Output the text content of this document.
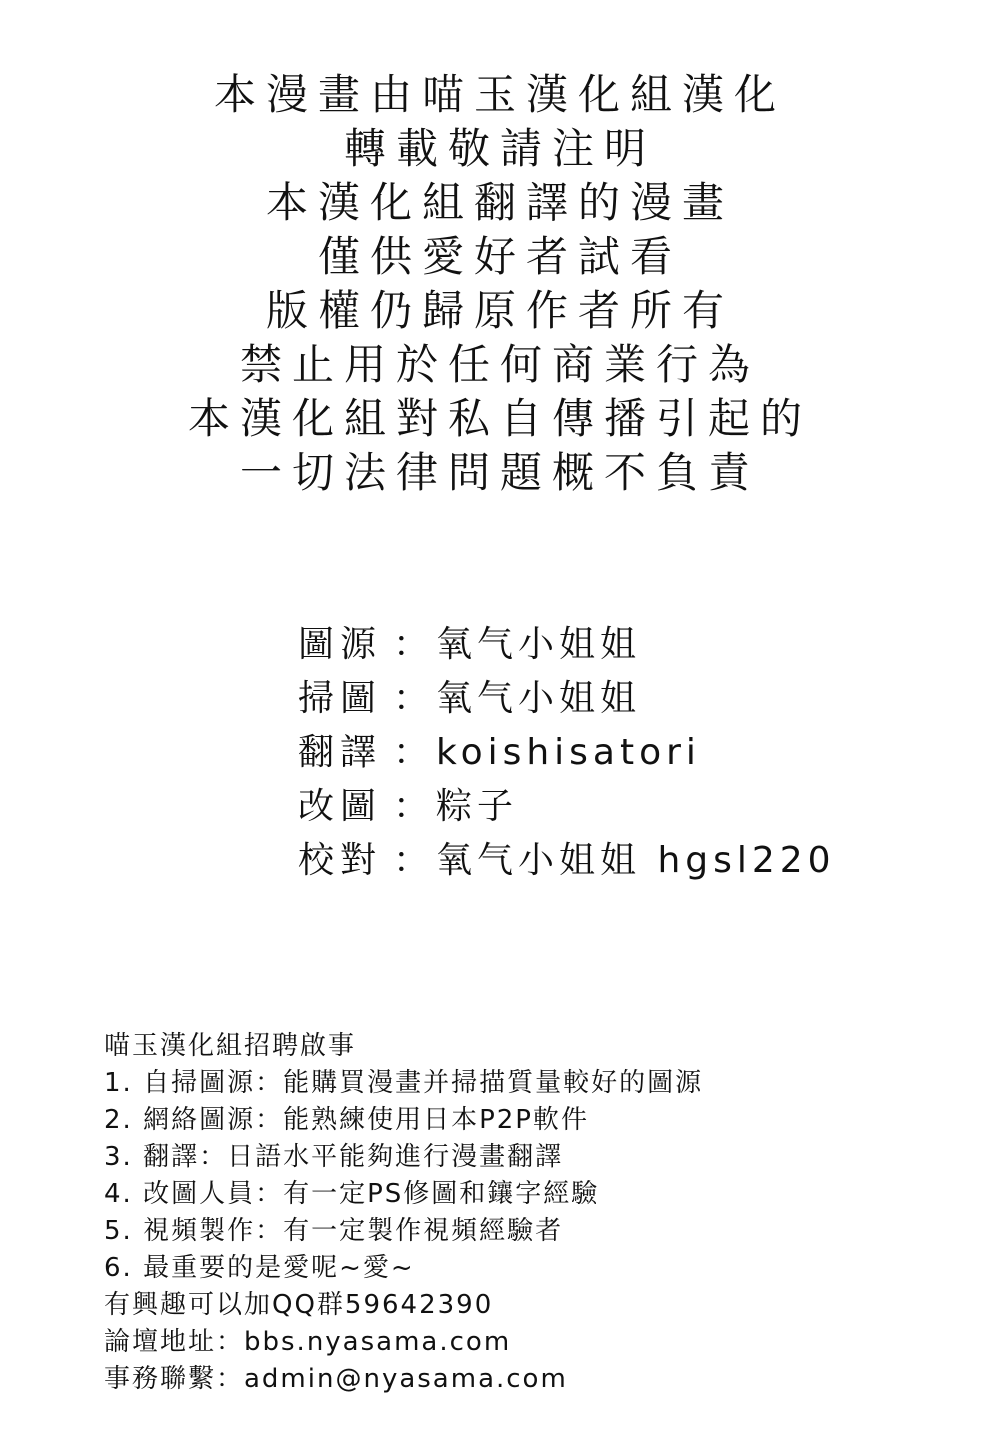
本漫畫由喵玉漢化組漢化
轉載敬請注明
本漢化組翻譯的漫畫
僅供愛好者試看
版權仍歸原作者所有
禁止用於任何商業行為
本漢化組對私自傳播引起的
一切法律問題概不負責
圖源 ：氧气小姐姐
掃圖 ：氧气小姐姐
翻譯 ：koishisatori
改圖 ：粽子
校對 ：氧气小姐姐 hgsl220
喵玉漢化組招聘啟事
1. 自掃圖源：能購買漫畫并掃描質量較好的圖源
2. 網絡圖源：能熟練使用日本P2P軟件
3. 翻譯：日語水平能夠進行漫畫翻譯
4. 改圖人員：有一定PS修圖和鑲字經驗
5. 視頻製作：有一定製作視頻經驗者
6. 最重要的是愛呢~愛~
有興趣可以加QQ群59642390
論壇地址：bbs.nyasama.com
事務聯繫：admin@nyasama.com
